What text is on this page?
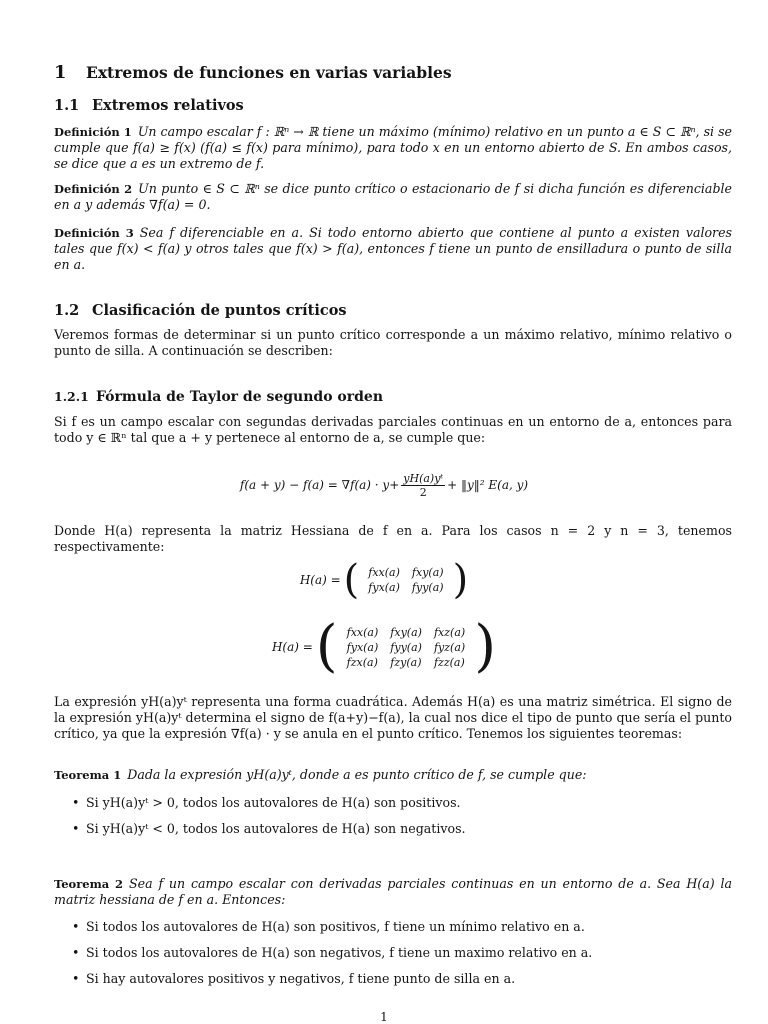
1 Extremos de funciones en varias variables
1.1 Extremos relativos

Definición 1 Un campo escalar f : ℝⁿ → ℝ tiene un máximo (mínimo) relativo en un punto a ∈ S ⊂ ℝⁿ, si se cumple que f(a) ≥ f(x) (f(a) ≤ f(x) para mínimo), para todo x en un entorno abierto de S. En ambos casos, se dice que a es un extremo de f.

Definición 2 Un punto ∈ S ⊂ ℝⁿ se dice punto crítico o estacionario de f si dicha función es diferenciable en a y además ∇f(a) = 0.

Definición 3 Sea f diferenciable en a. Si todo entorno abierto que contiene al punto a existen valores tales que f(x) < f(a) y otros tales que f(x) > f(a), entonces f tiene un punto de ensilladura o punto de silla en a.

1.2 Clasificación de puntos críticos

Veremos formas de determinar si un punto crítico corresponde a un máximo relativo, mínimo relativo o punto de silla. A continuación se describen:

1.2.1 Fórmula de Taylor de segundo orden

Si f es un campo escalar con segundas derivadas parciales continuas en un entorno de a, entonces para todo y ∈ ℝⁿ tal que a + y pertenece al entorno de a, se cumple que:

$f(a + y) - f(a) = \nabla f(a) \cdot y+ \frac{\text{yH(a)yᵗ}}{2}$ + ‖y‖² E(a, y)

Donde H(a) representa la matriz Hessiana de f en a. Para los casos n = 2 y n = 3, tenemos respectivamente:

H(a) = ( fxx(a)	fxy(a)
fyx(a)	fyy(a) )
H(a) = ( fxx(a)	fxy(a)	fxz(a)
fyx(a)	fyy(a)	fyz(a)
fzx(a)	fzy(a)	fzz(a) )

La expresión yH(a)yᵗ representa una forma cuadrática. Además H(a) es una matriz simétrica. El signo de la expresión yH(a)yᵗ determina el signo de f(a+y)−f(a), la cual nos dice el tipo de punto que sería el punto crítico, ya que la expresión ∇f(a) · y se anula en el punto crítico. Tenemos los siguientes teoremas:

Teorema 1 Dada la expresión yH(a)yᵗ, donde a es punto crítico de f, se cumple que:

• Si yH(a)yᵗ > 0, todos los autovalores de H(a) son positivos.
• Si yH(a)yᵗ < 0, todos los autovalores de H(a) son negativos.

Teorema 2 Sea f un campo escalar con derivadas parciales continuas en un entorno de a. Sea H(a) la matriz hessiana de f en a. Entonces:

• Si todos los autovalores de H(a) son positivos, f tiene un mínimo relativo en a.
• Si todos los autovalores de H(a) son negativos, f tiene un maximo relativo en a.
• Si hay autovalores positivos y negativos, f tiene punto de silla en a.

1
